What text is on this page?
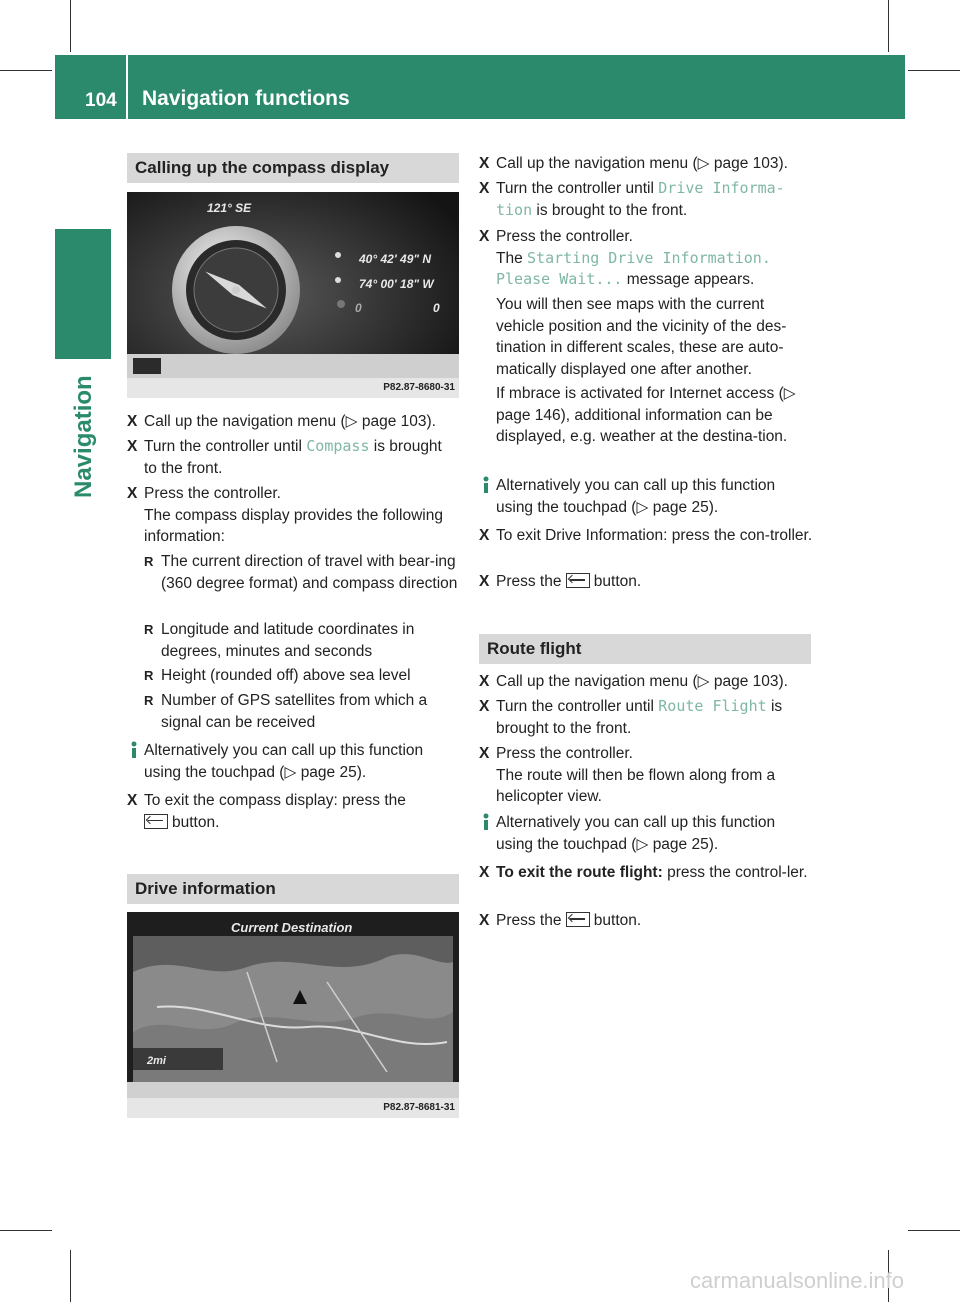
104 Navigation functions
Navigation
Calling up the compass display
121° SE
40° 42' 49" N
74° 00' 18" W
0	0
P82.87-8680-31
X Call up the navigation menu (▷ page 103).
X Turn the controller until Compass is brought to the front.
X Press the controller.
The compass display provides the following information:
R The current direction of travel with bear-ing (360 degree format) and compass direction
R Longitude and latitude coordinates in degrees, minutes and seconds
R Height (rounded off) above sea level
R Number of GPS satellites from which a signal can be received
Alternatively you can call up this function using the touchpad (▷ page 25).
X To exit the compass display: press the
button.
Drive information
Current Destination
2mi
P82.87-8681-31
X Call up the navigation menu (▷ page 103).
X Turn the controller until Drive Informa-tion is brought to the front.
X Press the controller.
The Starting Drive Information. Please Wait... message appears.
You will then see maps with the current vehicle position and the vicinity of the des-tination in different scales, these are auto-matically displayed one after another.
If mbrace is activated for Internet access (▷ page 146), additional information can be displayed, e.g. weather at the destina-tion.
Alternatively you can call up this function using the touchpad (▷ page 25).
X To exit Drive Information: press the con-troller.
X Press the button.
Route flight
X Call up the navigation menu (▷ page 103).
X Turn the controller until Route Flight is brought to the front.
X Press the controller.
The route will then be flown along from a helicopter view.
Alternatively you can call up this function using the touchpad (▷ page 25).
X To exit the route flight: press the control-ler.
X Press the button.
carmanualsonline.info
